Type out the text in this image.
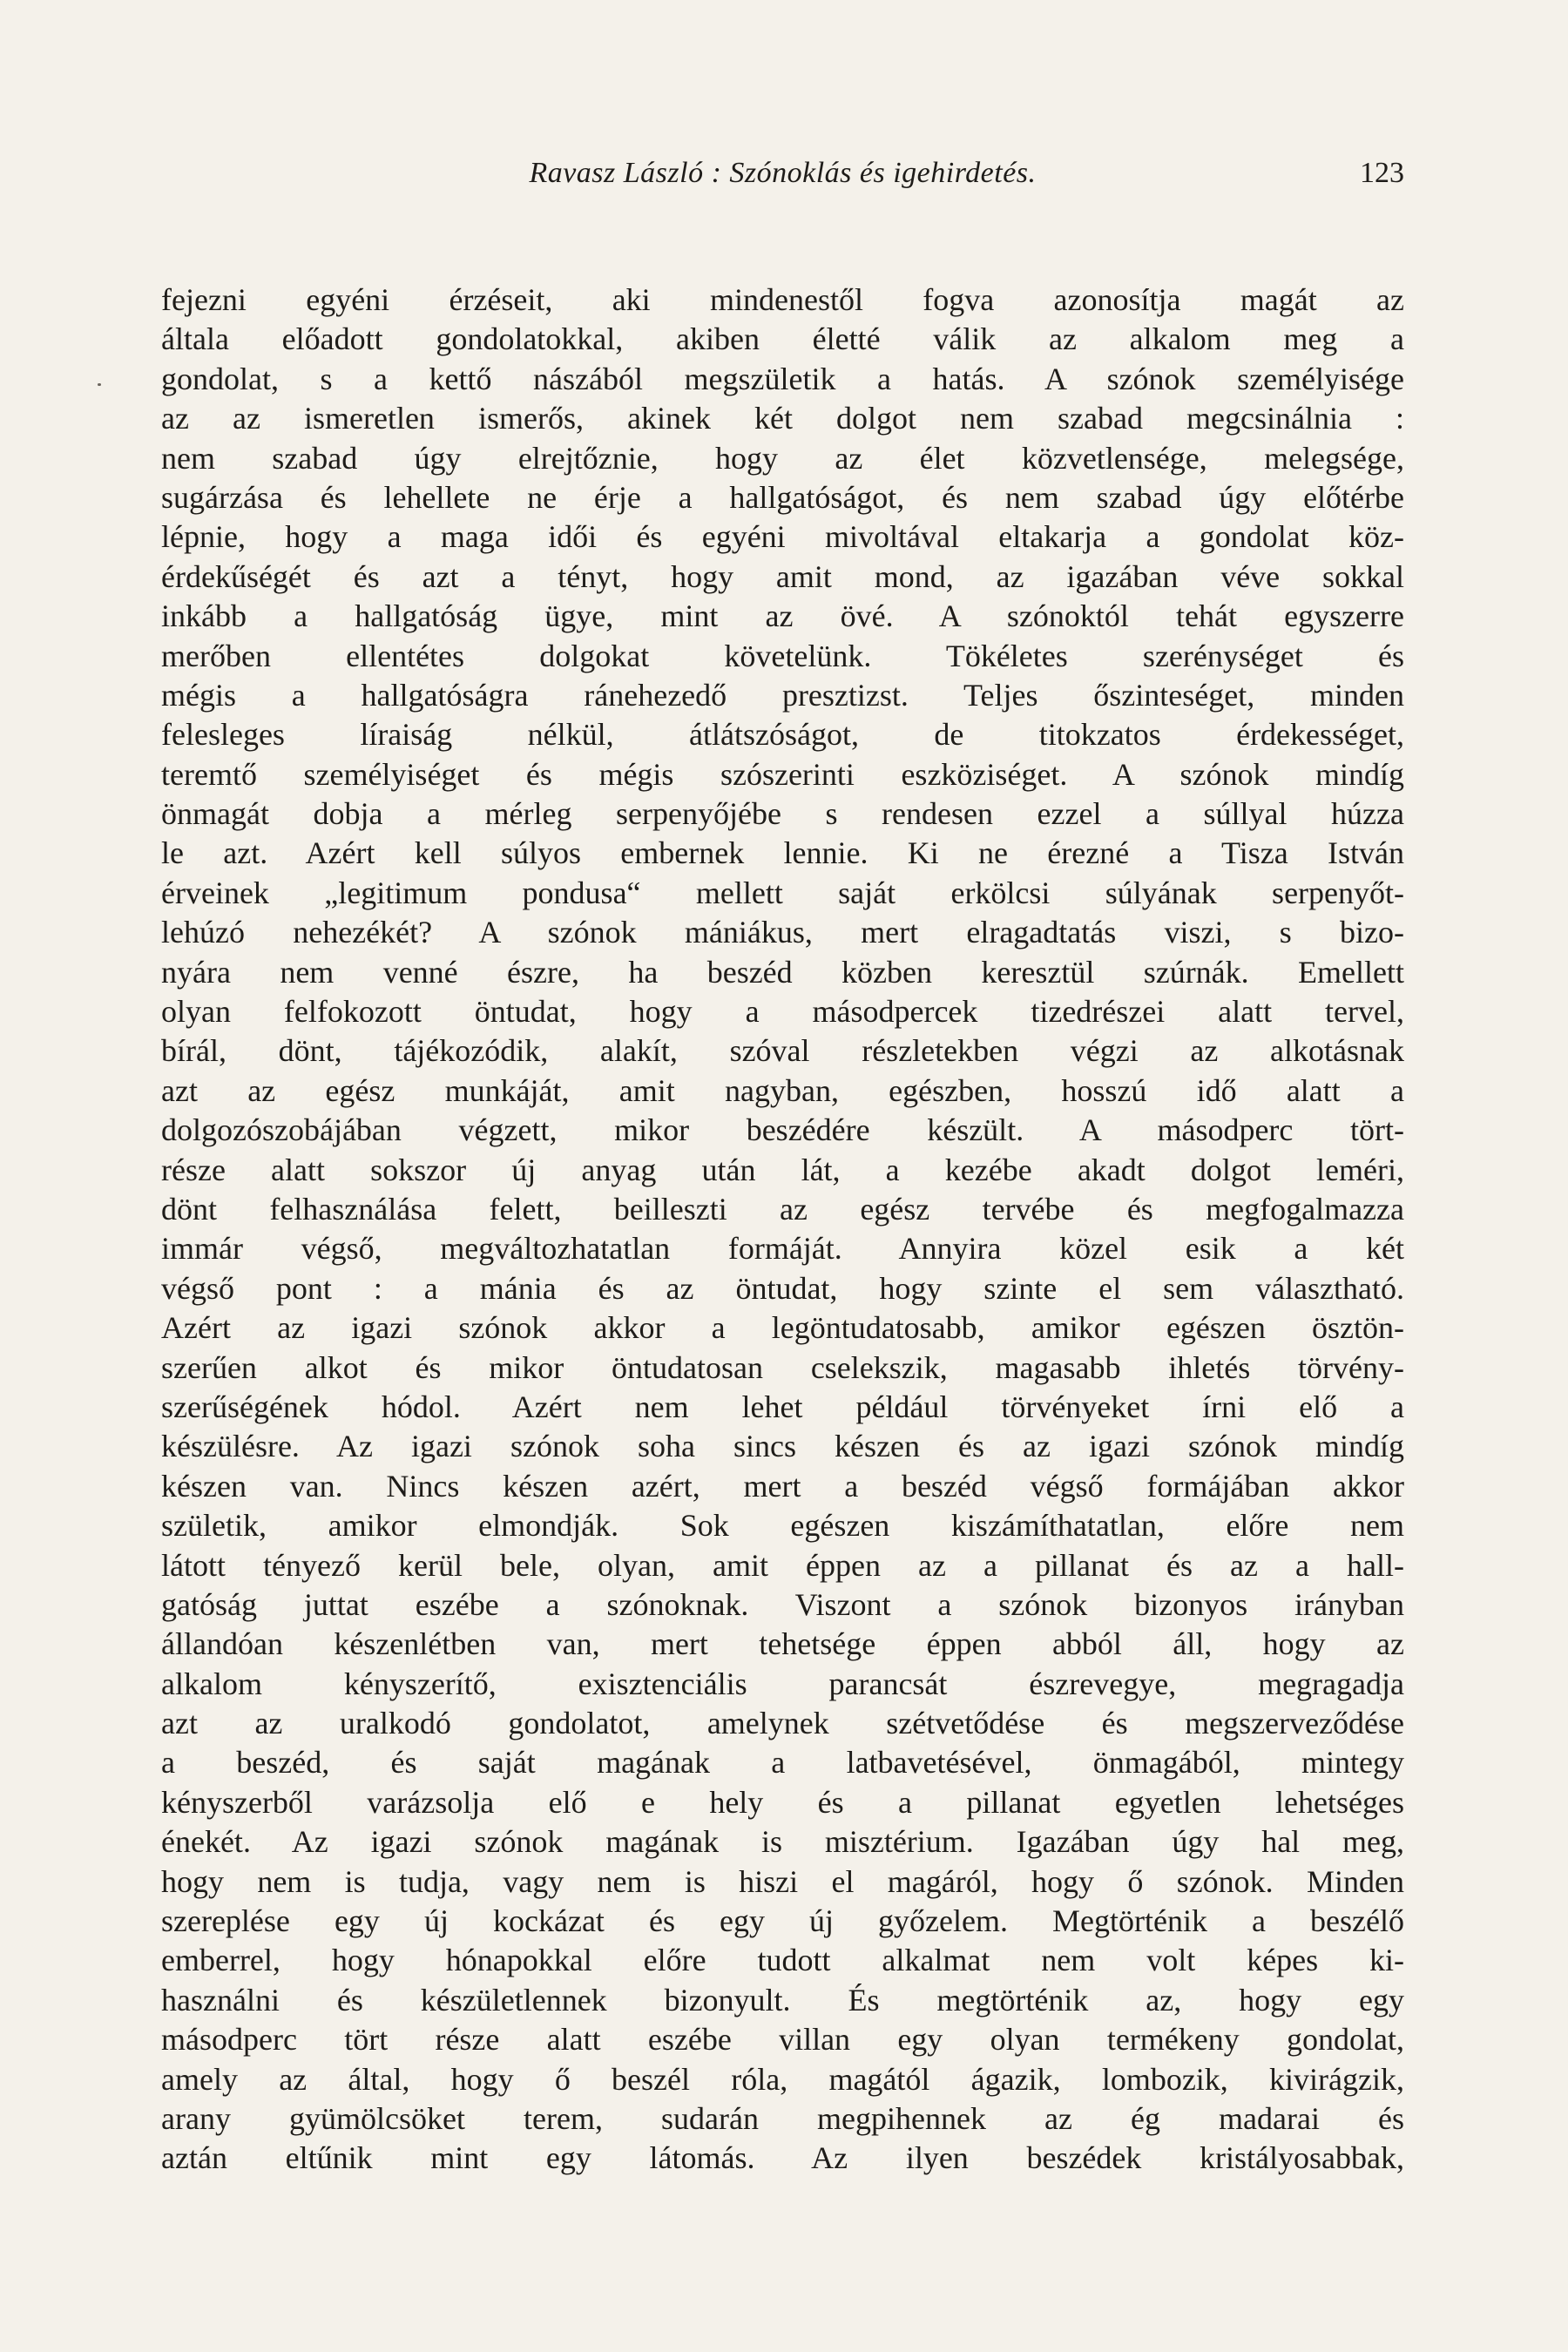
Ravasz László : Szónoklás és igehirdetés.	123
fejezni egyéni érzéseit, aki mindenestől fogva azonosítja magát az
általa előadott gondolatokkal, akiben életté válik az alkalom meg a
gondolat, s a kettő nászából megszületik a hatás. A szónok személyisége
az az ismeretlen ismerős, akinek két dolgot nem szabad megcsinálnia :
nem szabad úgy elrejtőznie, hogy az élet közvetlensége, melegsége,
sugárzása és lehellete ne érje a hallgatóságot, és nem szabad úgy előtérbe
lépnie, hogy a maga idői és egyéni mivoltával eltakarja a gondolat köz-
érdekűségét és azt a tényt, hogy amit mond, az igazában véve sokkal
inkább a hallgatóság ügye, mint az övé. A szónoktól tehát egyszerre
merőben ellentétes dolgokat követelünk. Tökéletes szerénységet és
mégis a hallgatóságra ránehezedő presztizst. Teljes őszinteséget, minden
felesleges líraiság nélkül, átlátszóságot, de titokzatos érdekességet,
teremtő személyiséget és mégis szószerinti eszköziséget. A szónok mindíg
önmagát dobja a mérleg serpenyőjébe s rendesen ezzel a súllyal húzza
le azt. Azért kell súlyos embernek lennie. Ki ne érezné a Tisza István
érveinek „legitimum pondusa“ mellett saját erkölcsi súlyának serpenyőt-
lehúzó nehezékét? A szónok mániákus, mert elragadtatás viszi, s bizo-
nyára nem venné észre, ha beszéd közben keresztül szúrnák. Emellett
olyan felfokozott öntudat, hogy a másodpercek tizedrészei alatt tervel,
bírál, dönt, tájékozódik, alakít, szóval részletekben végzi az alkotásnak
azt az egész munkáját, amit nagyban, egészben, hosszú idő alatt a
dolgozószobájában végzett, mikor beszédére készült. A másodperc tört-
része alatt sokszor új anyag után lát, a kezébe akadt dolgot leméri,
dönt felhasználása felett, beilleszti az egész tervébe és megfogalmazza
immár végső, megváltozhatatlan formáját. Annyira közel esik a két
végső pont : a mánia és az öntudat, hogy szinte el sem választható.
Azért az igazi szónok akkor a legöntudatosabb, amikor egészen ösztön-
szerűen alkot és mikor öntudatosan cselekszik, magasabb ihletés törvény-
szerűségének hódol. Azért nem lehet például törvényeket írni elő a
készülésre. Az igazi szónok soha sincs készen és az igazi szónok mindíg
készen van. Nincs készen azért, mert a beszéd végső formájában akkor
születik, amikor elmondják. Sok egészen kiszámíthatatlan, előre nem
látott tényező kerül bele, olyan, amit éppen az a pillanat és az a hall-
gatóság juttat eszébe a szónoknak. Viszont a szónok bizonyos irányban
állandóan készenlétben van, mert tehetsége éppen abból áll, hogy az
alkalom kényszerítő, exisztenciális parancsát észrevegye, megragadja
azt az uralkodó gondolatot, amelynek szétvetődése és megszerveződése
a beszéd, és saját magának a latbavetésével, önmagából, mintegy
kényszerből varázsolja elő e hely és a pillanat egyetlen lehetséges
énekét. Az igazi szónok magának is misztérium. Igazában úgy hal meg,
hogy nem is tudja, vagy nem is hiszi el magáról, hogy ő szónok. Minden
szereplése egy új kockázat és egy új győzelem. Megtörténik a beszélő
emberrel, hogy hónapokkal előre tudott alkalmat nem volt képes ki-
használni és készületlennek bizonyult. És megtörténik az, hogy egy
másodperc tört része alatt eszébe villan egy olyan termékeny gondolat,
amely az által, hogy ő beszél róla, magától ágazik, lombozik, kivirágzik,
arany gyümölcsöket terem, sudarán megpihennek az ég madarai és
aztán eltűnik mint egy látomás. Az ilyen beszédek kristályosabbak,
